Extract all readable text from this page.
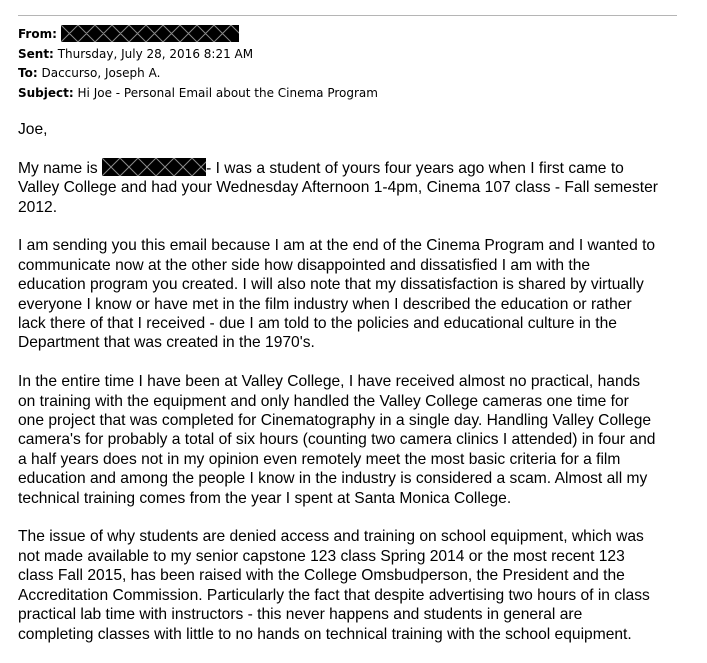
From:
Sent: Thursday, July 28, 2016 8:21 AM
To: Daccurso, Joseph A.
Subject: Hi Joe - Personal Email about the Cinema Program
Joe,
My name is	- I was a student of yours four years ago when I first came to
Valley College and had your Wednesday Afternoon 1-4pm, Cinema 107 class - Fall semester
2012.
I am sending you this email because I am at the end of the Cinema Program and I wanted to
communicate now at the other side how disappointed and dissatisfied I am with the
education program you created. I will also note that my dissatisfaction is shared by virtually
everyone I know or have met in the film industry when I described the education or rather
lack there of that I received - due I am told to the policies and educational culture in the
Department that was created in the 1970's.
In the entire time I have been at Valley College, I have received almost no practical, hands
on training with the equipment and only handled the Valley College cameras one time for
one project that was completed for Cinematography in a single day. Handling Valley College
camera's for probably a total of six hours (counting two camera clinics I attended) in four and
a half years does not in my opinion even remotely meet the most basic criteria for a film
education and among the people I know in the industry is considered a scam. Almost all my
technical training comes from the year I spent at Santa Monica College.
The issue of why students are denied access and training on school equipment, which was
not made available to my senior capstone 123 class Spring 2014 or the most recent 123
class Fall 2015, has been raised with the College Omsbudperson, the President and the
Accreditation Commission. Particularly the fact that despite advertising two hours of in class
practical lab time with instructors - this never happens and students in general are
completing classes with little to no hands on technical training with the school equipment.
